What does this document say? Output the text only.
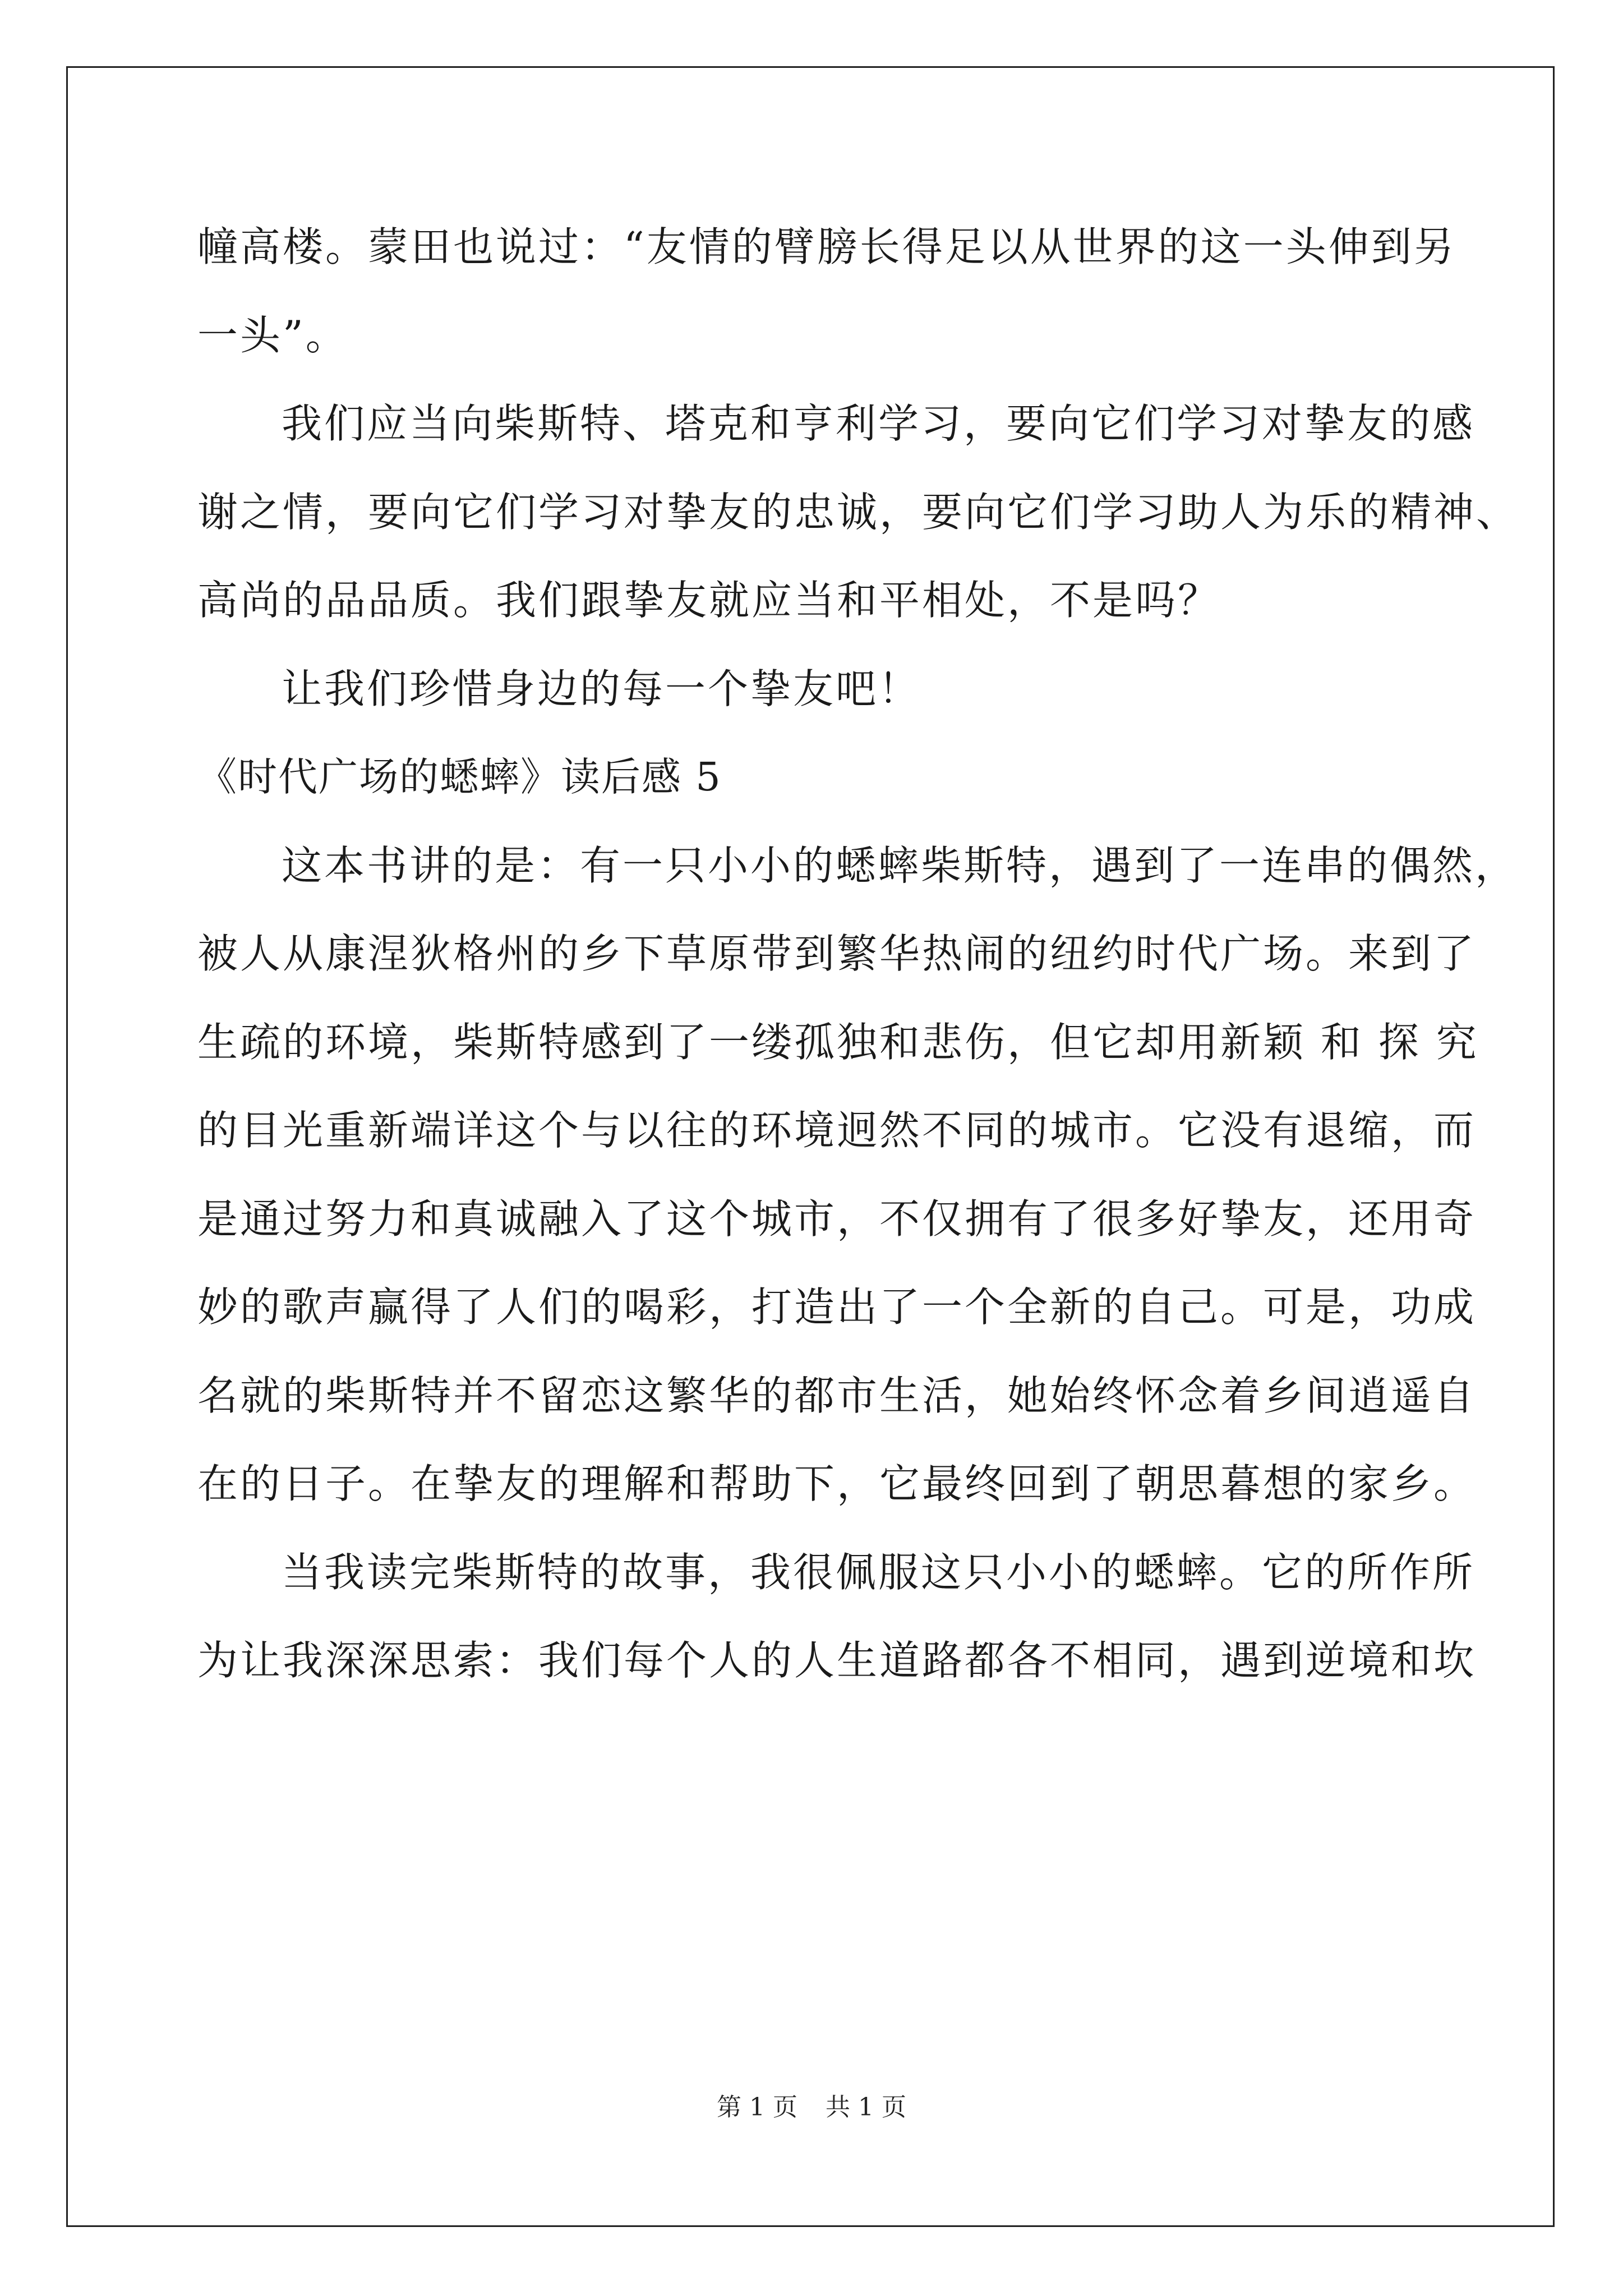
幢高楼。蒙田也说过：“友情的臂膀长得足以从世界的这一头伸到另
一头”。
我们应当向柴斯特、塔克和亨利学习，要向它们学习对挚友的感
谢之情，要向它们学习对挚友的忠诚，要向它们学习助人为乐的精神、
高尚的品品质。我们跟挚友就应当和平相处，不是吗？
让我们珍惜身边的每一个挚友吧！
《时代广场的蟋蟀》读后感 5
这本书讲的是：有一只小小的蟋蟀柴斯特，遇到了一连串的偶然，
被人从康涅狄格州的乡下草原带到繁华热闹的纽约时代广场。来到了
生疏的环境，柴斯特感到了一缕孤独和悲伤，但它却用新颖 和 探 究
的目光重新端详这个与以往的环境迥然不同的城市。它没有退缩，而
是通过努力和真诚融入了这个城市，不仅拥有了很多好挚友，还用奇
妙的歌声赢得了人们的喝彩，打造出了一个全新的自己。可是，功成
名就的柴斯特并不留恋这繁华的都市生活，她始终怀念着乡间逍遥自
在的日子。在挚友的理解和帮助下，它最终回到了朝思暮想的家乡。
当我读完柴斯特的故事，我很佩服这只小小的蟋蟀。它的所作所
为让我深深思索：我们每个人的人生道路都各不相同，遇到逆境和坎
第 1 页 共 1 页
